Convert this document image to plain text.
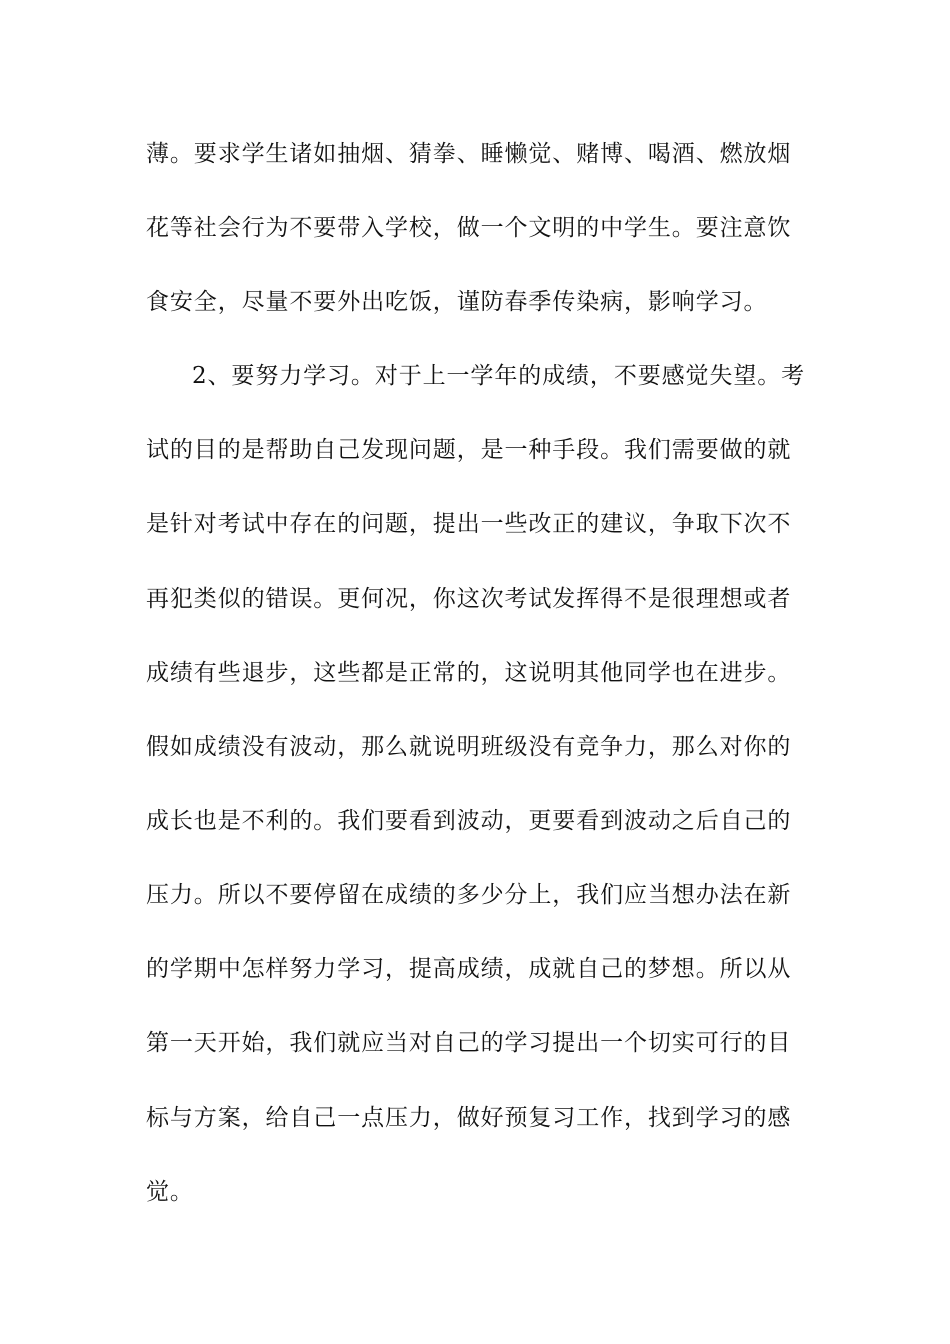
薄。要求学生诸如抽烟、猜拳、睡懒觉、赌博、喝酒、燃放烟
花等社会行为不要带入学校，做一个文明的中学生。要注意饮
食安全，尽量不要外出吃饭，谨防春季传染病，影响学习。
2、要努力学习。对于上一学年的成绩，不要感觉失望。考
试的目的是帮助自己发现问题，是一种手段。我们需要做的就
是针对考试中存在的问题，提出一些改正的建议，争取下次不
再犯类似的错误。更何况，你这次考试发挥得不是很理想或者
成绩有些退步，这些都是正常的，这说明其他同学也在进步。
假如成绩没有波动，那么就说明班级没有竞争力，那么对你的
成长也是不利的。我们要看到波动，更要看到波动之后自己的
压力。所以不要停留在成绩的多少分上，我们应当想办法在新
的学期中怎样努力学习，提高成绩，成就自己的梦想。所以从
第一天开始，我们就应当对自己的学习提出一个切实可行的目
标与方案，给自己一点压力，做好预复习工作，找到学习的感
觉。
